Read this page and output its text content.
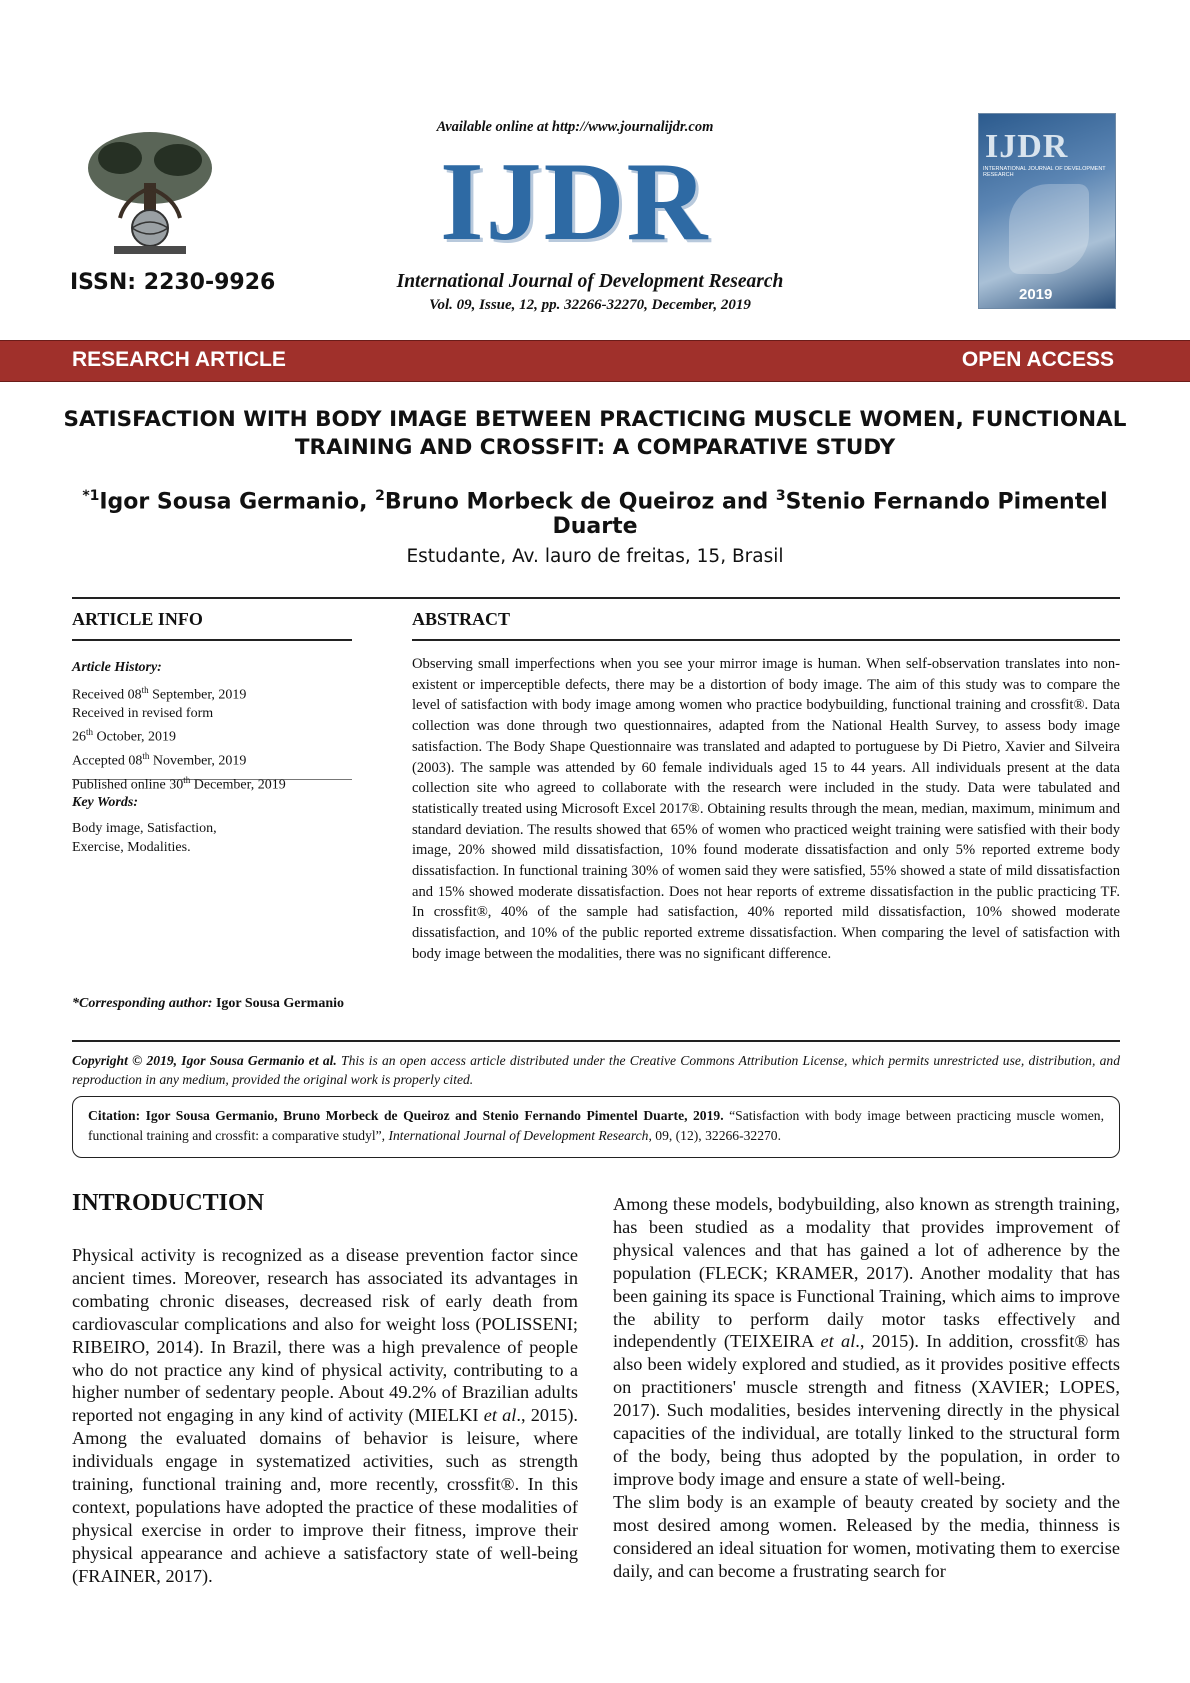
ISSN: 2230-9926
Available online at http://www.journalijdr.com
IJDR
International Journal of Development Research
Vol. 09, Issue, 12, pp. 32266-32270, December, 2019
IJDR
INTERNATIONAL JOURNAL OF DEVELOPMENT RESEARCH
2019
RESEARCH ARTICLE	OPEN ACCESS
SATISFACTION WITH BODY IMAGE BETWEEN PRACTICING MUSCLE WOMEN, FUNCTIONAL
TRAINING AND CROSSFIT: A COMPARATIVE STUDY
$^{*1}$Igor Sousa Germanio, $^2$Bruno Morbeck de Queiroz and $^3$Stenio Fernando Pimentel Duarte
Estudante, Av. lauro de freitas, 15, Brasil
ARTICLE INFO	ABSTRACT
Article History:
Received 08th September, 2019
Received in revised form
26th October, 2019
Accepted 08th November, 2019
Published online 30th December, 2019
Key Words:
Body image, Satisfaction,
Exercise, Modalities.
*Corresponding author: Igor Sousa Germanio
Observing small imperfections when you see your mirror image is human. When self-observation translates into non-existent or imperceptible defects, there may be a distortion of body image. The aim of this study was to compare the level of satisfaction with body image among women who practice bodybuilding, functional training and crossfit®. Data collection was done through two questionnaires, adapted from the National Health Survey, to assess body image satisfaction. The Body Shape Questionnaire was translated and adapted to portuguese by Di Pietro, Xavier and Silveira (2003). The sample was attended by 60 female individuals aged 15 to 44 years. All individuals present at the data collection site who agreed to collaborate with the research were included in the study. Data were tabulated and statistically treated using Microsoft Excel 2017®. Obtaining results through the mean, median, maximum, minimum and standard deviation. The results showed that 65% of women who practiced weight training were satisfied with their body image, 20% showed mild dissatisfaction, 10% found moderate dissatisfaction and only 5% reported extreme body dissatisfaction. In functional training 30% of women said they were satisfied, 55% showed a state of mild dissatisfaction and 15% showed moderate dissatisfaction. Does not hear reports of extreme dissatisfaction in the public practicing TF. In crossfit®, 40% of the sample had satisfaction, 40% reported mild dissatisfaction, 10% showed moderate dissatisfaction, and 10% of the public reported extreme dissatisfaction. When comparing the level of satisfaction with body image between the modalities, there was no significant difference.
Copyright © 2019, Igor Sousa Germanio et al. This is an open access article distributed under the Creative Commons Attribution License, which permits unrestricted use, distribution, and reproduction in any medium, provided the original work is properly cited.
Citation: Igor Sousa Germanio, Bruno Morbeck de Queiroz and Stenio Fernando Pimentel Duarte, 2019. “Satisfaction with body image between practicing muscle women, functional training and crossfit: a comparative studyl”, International Journal of Development Research, 09, (12), 32266-32270.
INTRODUCTION

Physical activity is recognized as a disease prevention factor since ancient times. Moreover, research has associated its advantages in combating chronic diseases, decreased risk of early death from cardiovascular complications and also for weight loss (POLISSENI; RIBEIRO, 2014). In Brazil, there was a high prevalence of people who do not practice any kind of physical activity, contributing to a higher number of sedentary people. About 49.2% of Brazilian adults reported not engaging in any kind of activity (MIELKI et al., 2015). Among the evaluated domains of behavior is leisure, where individuals engage in systematized activities, such as strength training, functional training and, more recently, crossfit®. In this context, populations have adopted the practice of these modalities of physical exercise in order to improve their fitness, improve their physical appearance and achieve a satisfactory state of well-being (FRAINER, 2017).

Among these models, bodybuilding, also known as strength training, has been studied as a modality that provides improvement of physical valences and that has gained a lot of adherence by the population (FLECK; KRAMER, 2017). Another modality that has been gaining its space is Functional Training, which aims to improve the ability to perform daily motor tasks effectively and independently (TEIXEIRA et al., 2015). In addition, crossfit® has also been widely explored and studied, as it provides positive effects on practitioners' muscle strength and fitness (XAVIER; LOPES, 2017). Such modalities, besides intervening directly in the physical capacities of the individual, are totally linked to the structural form of the body, being thus adopted by the population, in order to improve body image and ensure a state of well-being.

The slim body is an example of beauty created by society and the most desired among women. Released by the media, thinness is considered an ideal situation for women, motivating them to exercise daily, and can become a frustrating search for
